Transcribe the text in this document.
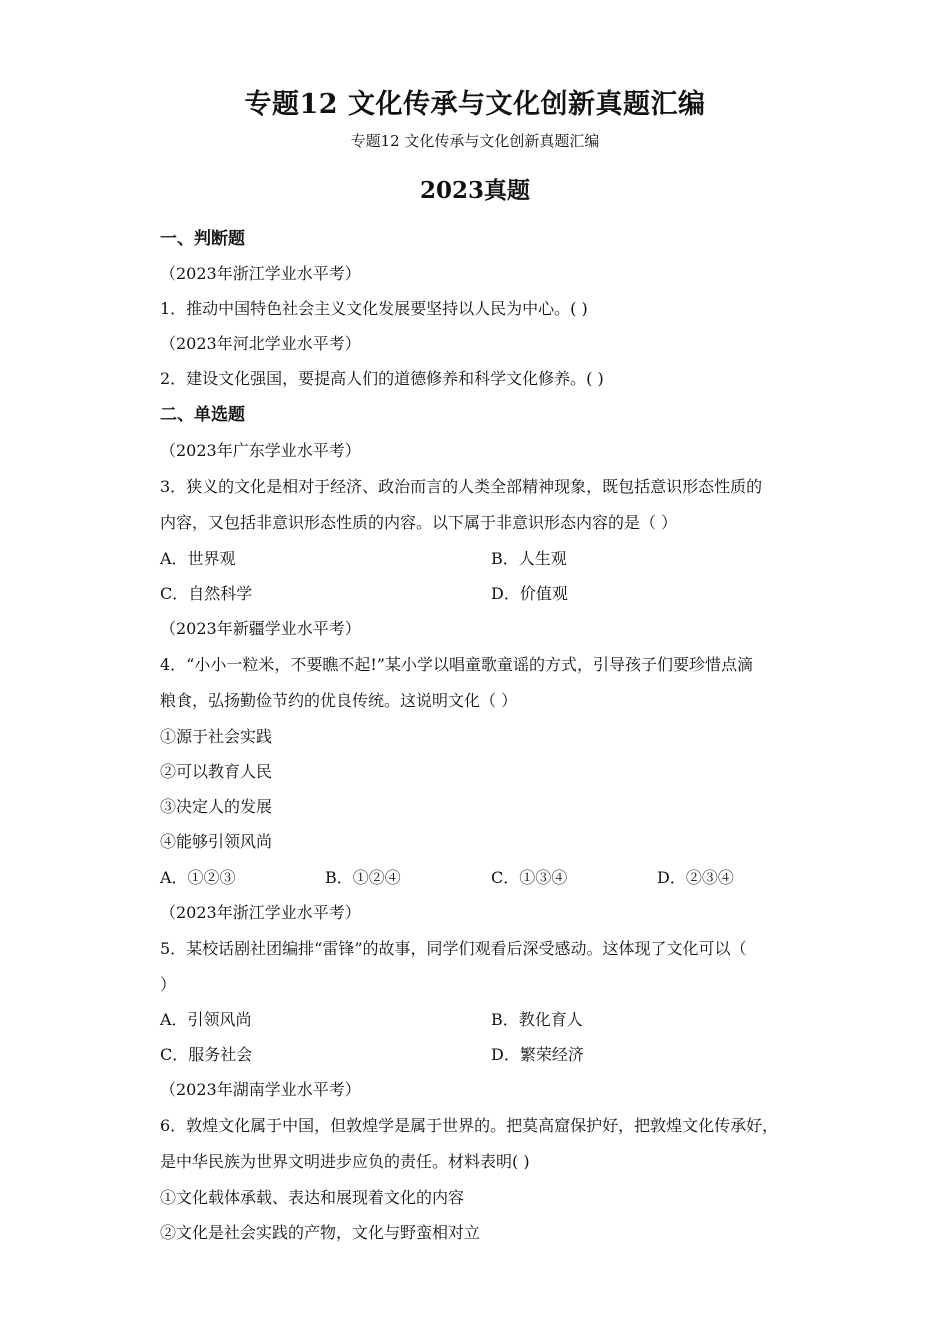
专题12 文化传承与文化创新真题汇编
专题12 文化传承与文化创新真题汇编
2023真题
一、判断题
（2023年浙江学业水平考）
1．推动中国特色社会主义文化发展要坚持以人民为中心。( )
（2023年河北学业水平考）
2．建设文化强国，要提高人们的道德修养和科学文化修养。( )
二、单选题
（2023年广东学业水平考）
3．狭义的文化是相对于经济、政治而言的人类全部精神现象，既包括意识形态性质的
内容，又包括非意识形态性质的内容。以下属于非意识形态内容的是（ ）
A．世界观	B．人生观
C．自然科学	D．价值观
（2023年新疆学业水平考）
4．“小小一粒米，不要瞧不起!”某小学以唱童歌童谣的方式，引导孩子们要珍惜点滴
粮食，弘扬勤俭节约的优良传统。这说明文化（ ）
①源于社会实践
②可以教育人民
③决定人的发展
④能够引领风尚
A．①②③	B．①②④	C．①③④	D．②③④
（2023年浙江学业水平考）
5．某校话剧社团编排“雷锋”的故事，同学们观看后深受感动。这体现了文化可以（
）
A．引领风尚	B．教化育人
C．服务社会	D．繁荣经济
（2023年湖南学业水平考）
6．敦煌文化属于中国，但敦煌学是属于世界的。把莫高窟保护好，把敦煌文化传承好，
是中华民族为世界文明进步应负的责任。材料表明( )
①文化载体承载、表达和展现着文化的内容
②文化是社会实践的产物，文化与野蛮相对立
